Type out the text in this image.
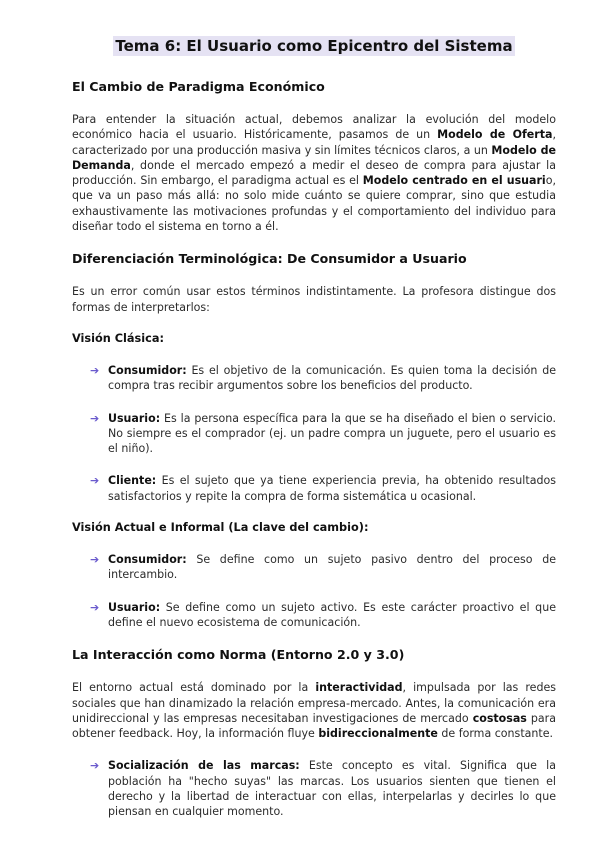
Tema 6: El Usuario como Epicentro del Sistema
El Cambio de Paradigma Económico

Para entender la situación actual, debemos analizar la evolución del modelo económico hacia el usuario. Históricamente, pasamos de un Modelo de Oferta, caracterizado por una producción masiva y sin límites técnicos claros, a un Modelo de Demanda, donde el mercado empezó a medir el deseo de compra para ajustar la producción. Sin embargo, el paradigma actual es el Modelo centrado en el usuario, que va un paso más allá: no solo mide cuánto se quiere comprar, sino que estudia exhaustivamente las motivaciones profundas y el comportamiento del individuo para diseñar todo el sistema en torno a él.

Diferenciación Terminológica: De Consumidor a Usuario

Es un error común usar estos términos indistintamente. La profesora distingue dos formas de interpretarlos:

Visión Clásica:
➔ Consumidor: Es el objetivo de la comunicación. Es quien toma la decisión de compra tras recibir argumentos sobre los beneficios del producto.
➔ Usuario: Es la persona específica para la que se ha diseñado el bien o servicio. No siempre es el comprador (ej. un padre compra un juguete, pero el usuario es el niño).
➔ Cliente: Es el sujeto que ya tiene experiencia previa, ha obtenido resultados satisfactorios y repite la compra de forma sistemática u ocasional.
Visión Actual e Informal (La clave del cambio):
➔ Consumidor: Se define como un sujeto pasivo dentro del proceso de intercambio.
➔ Usuario: Se define como un sujeto activo. Es este carácter proactivo el que define el nuevo ecosistema de comunicación.
La Interacción como Norma (Entorno 2.0 y 3.0)

El entorno actual está dominado por la interactividad, impulsada por las redes sociales que han dinamizado la relación empresa-mercado. Antes, la comunicación era unidireccional y las empresas necesitaban investigaciones de mercado costosas para obtener feedback. Hoy, la información fluye bidireccionalmente de forma constante.

➔ Socialización de las marcas: Este concepto es vital. Significa que la población ha "hecho suyas" las marcas. Los usuarios sienten que tienen el derecho y la libertad de interactuar con ellas, interpelarlas y decirles lo que piensan en cualquier momento.
